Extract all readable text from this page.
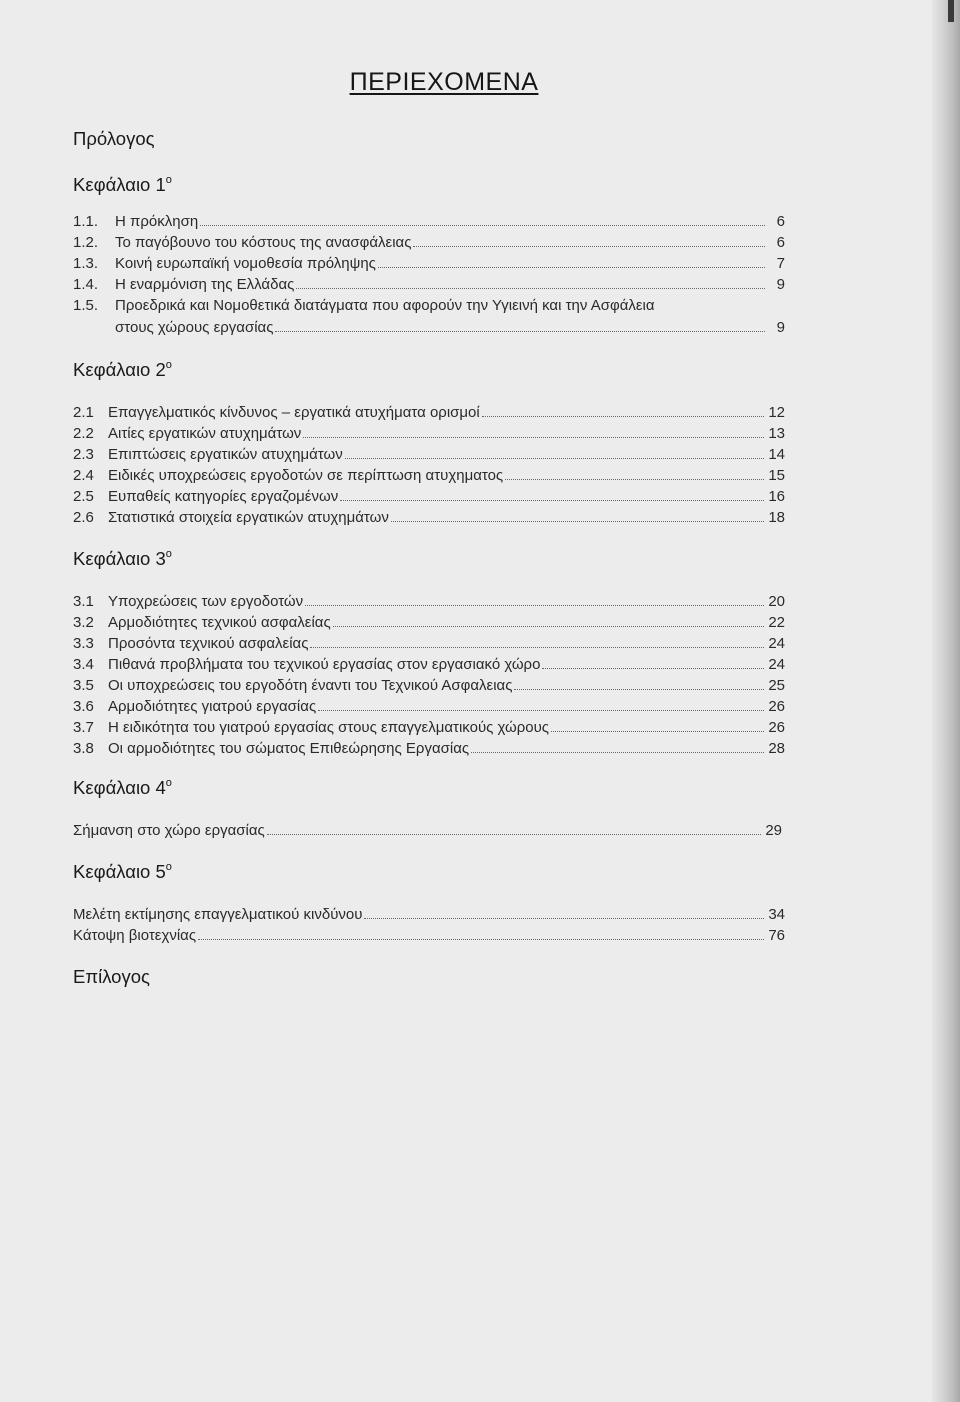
ΠΕΡΙΕΧΟΜΕΝΑ
Πρόλογος
Κεφάλαιο $1^o$
1.1.	Η πρόκληση	6
1.2.	Το παγόβουνο του κόστους της ανασφάλειας	6
1.3.	Κοινή ευρωπαϊκή νομοθεσία πρόληψης	7
1.4.	Η εναρμόνιση της Ελλάδας	9
1.5.	Προεδρικά και Νομοθετικά διατάγματα που αφορούν την Υγιεινή και την Ασφάλεια
στους χώρους εργασίας	9
Κεφάλαιο $2^o$
2.1 Επαγγελματικός κίνδυνος – εργατικά ατυχήματα ορισμοί	12
2.2 Αιτίες εργατικών ατυχημάτων	13
2.3 Επιπτώσεις εργατικών ατυχημάτων	14
2.4 Ειδικές υποχρεώσεις εργοδοτών σε περίπτωση ατυχηματος	15
2.5 Ευπαθείς κατηγορίες εργαζομένων	16
2.6 Στατιστικά στοιχεία εργατικών ατυχημάτων	18
Κεφάλαιο $3^o$
3.1 Υποχρεώσεις των εργοδοτών	20
3.2 Αρμοδιότητες τεχνικού ασφαλείας	22
3.3 Προσόντα τεχνικού ασφαλείας	24
3.4 Πιθανά προβλήματα του τεχνικού εργασίας στον εργασιακό χώρο	24
3.5 Οι υποχρεώσεις του εργοδότη έναντι του Τεχνικού Ασφαλειας	25
3.6 Αρμοδιότητες γιατρού εργασίας	26
3.7 Η ειδικότητα του γιατρού εργασίας στους επαγγελματικούς χώρους	26
3.8 Οι αρμοδιότητες του σώματος Επιθεώρησης Εργασίας	28
Κεφάλαιο $4^o$
Σήμανση στο χώρο εργασίας	29
Κεφάλαιο $5^o$
Μελέτη εκτίμησης επαγγελματικού κινδύνου	34
Κάτοψη βιοτεχνίας	76
Επίλογος
